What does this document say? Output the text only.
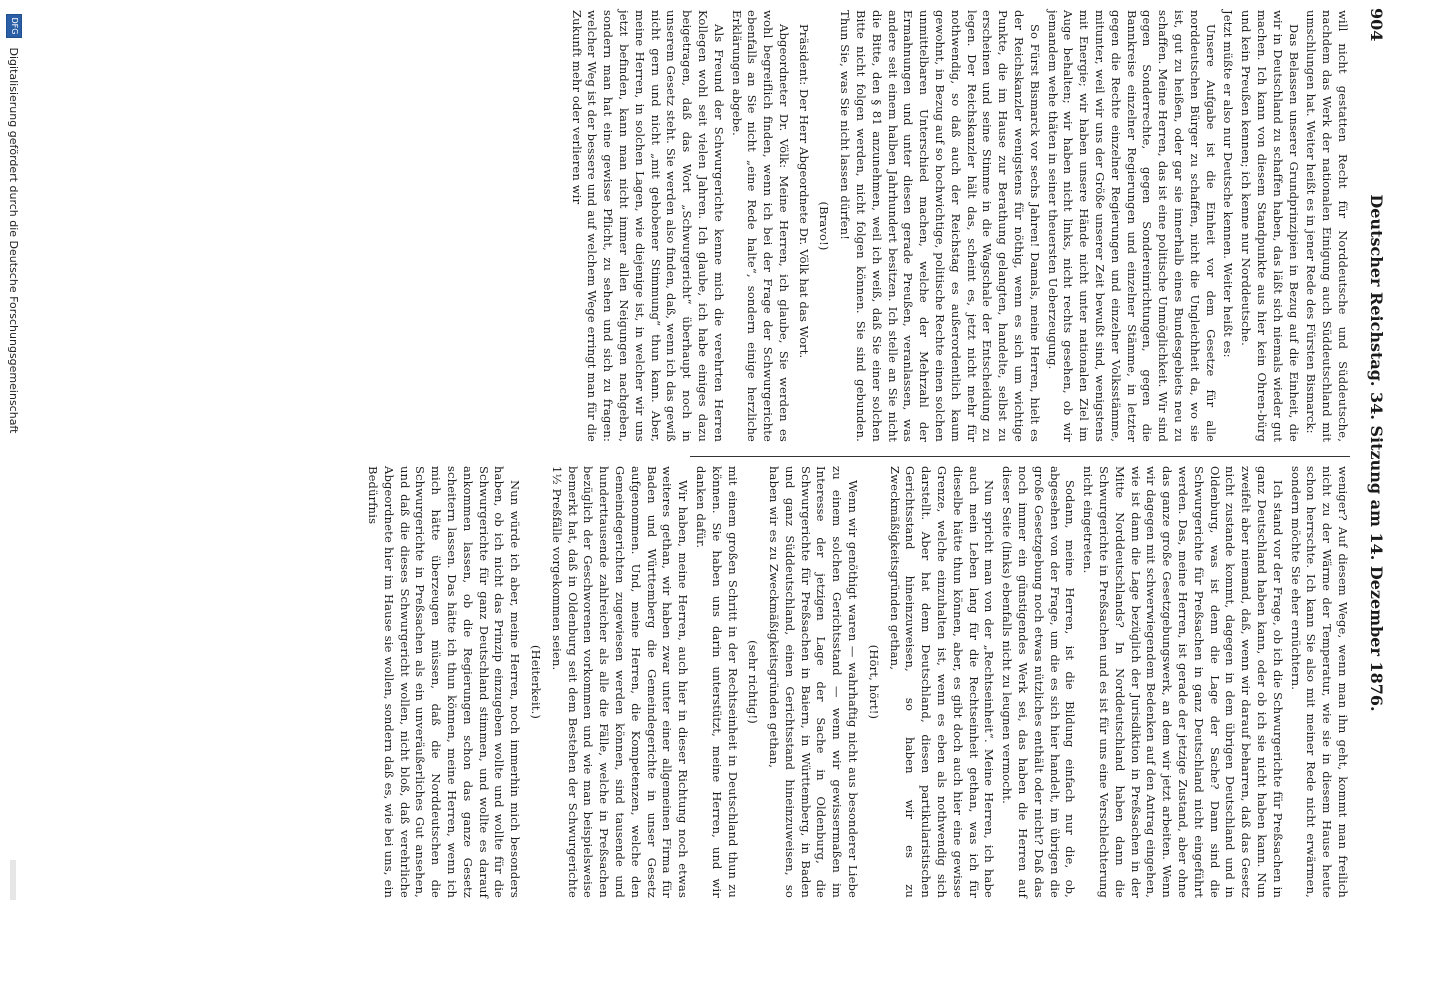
904
Deutscher Reichstag. 34. Sitzung am 14. Dezember 1876.

will nicht gestatten Recht für Norddeutsche und Süddeutsche, nachdem das Werk der nationalen Einigung auch Süddeutschland mit umschlungen hat. Weiter heißt es in jener Rede des Fürsten Bismarck:

Das Belassen unserer Grundprinzipien in Bezug auf die Einheit, die wir in Deutschland zu schaffen haben, das läßt sich niemals wieder gut machen. Ich kann von diesem Standpunkte aus hier kein Ohren-bürg und kein Preußen kennen; ich kenne nur Norddeutsche.

Jetzt müßte er also nur Deutsche kennen. Weiter heißt es:

Unsere Aufgabe ist die Einheit vor dem Gesetze für alle norddeutschen Bürger zu schaffen, nicht die Ungleichheit da, wo sie ist, gut zu heißen, oder gar sie innerhalb eines Bundesgebiets neu zu schaffen. Meine Herren, das ist eine politische Unmöglichkeit. Wir sind gegen Sonderrechte, gegen Sondereinrichtungen, gegen die Bannkreise einzelner Regierungen und einzelner Stämme, in letzter gegen die Rechte einzelner Regierungen und einzelner Volksstämme, mitunter, weil wir uns der Größe unserer Zeit bewußt sind, wenigstens mit Energie; wir haben unsere Hände nicht unter nationalen Ziel im Auge behalten; wir haben nicht links, nicht rechts gesehen, ob wir jemandem wehe thäten in seiner theuersten Ueberzeugung.

So Fürst Bismarck vor sechs Jahren! Damals, meine Herren, hielt es der Reichskanzler wenigstens für nöthig, wenn es sich um wichtige Punkte, die im Hause zur Berathung gelangten, handelte, selbst zu erscheinen und seine Stimme in die Wagschale der Entscheidung zu legen. Der Reichskanzler hält das, scheint es, jetzt nicht mehr für nothwendig, so daß auch der Reichstag es außerordentlich kaum gewohnt, in Bezug auf so hochwichtige, politische Rechte einen solchen unmittelbaren Unterschied machen, welche der Mehrzahl der Ermahnungen und unter diesen gerade Preußen, veranlassen, was andere seit einem halben Jahrhundert besitzen. Ich stelle an Sie nicht die Bitte, den § 81 anzunehmen, weil ich weiß, daß Sie einer solchen Bitte nicht folgen werden, nicht folgen können. Sie sind gebunden. Thun Sie, was Sie nicht lassen dürfen!

(Bravo!)

Präsident: Der Herr Abgeordnete Dr. Völk hat das Wort.

Abgeordneter Dr. Völk: Meine Herren, ich glaube, Sie werden es wohl begreiflich finden, wenn ich bei der Frage der Schwurgerichte ebenfalls an Sie nicht „eine Rede halte“, sondern einige herzliche Erklärungen abgebe.

Als Freund der Schwurgerichte kenne mich die verehrten Herren Kollegen wohl seit vielen Jahren. Ich glaube, ich habe einiges dazu beigetragen, daß das Wort „Schwurgericht“ überhaupt noch in unserem Gesetz steht. Sie werden also finden, daß, wenn ich das gewiß nicht gern und nicht „mit gehobener Stimmung“ thun kann. Aber, meine Herren, in solchen Lagen, wie diejenige ist, in welcher wir uns jetzt befinden, kann man nicht immer allen Neigungen nachgeben, sondern man hat eine gewisse Pflicht, zu sehen und sich zu fragen: welcher Weg ist der bessere und auf welchem Wege erringt man für die Zukunft mehr oder verlieren wir

weniger? Auf diesem Wege, wenn man ihn geht, kommt man freilich nicht zu der Wärme der Temperatur, wie sie in diesem Hause heute schon herrschte. Ich kann Sie also mit meiner Rede nicht erwärmen, sondern möchte Sie eher ernüchtern.

Ich stand vor der Frage, ob ich die Schwurgerichte für Preßsachen in ganz Deutschland haben kann, oder ob ich sie nicht haben kann. Nun zweifelt aber niemand, daß, wenn wir darauf beharren, daß das Gesetz nicht zustande kommt, dagegen in dem übrigen Deutschland und in Oldenburg, was ist denn die Lage der Sache? Dann sind die Schwurgerichte für Preßsachen in ganz Deutschland nicht eingeführt werden. Das, meine Herren, ist gerade der jetzige Zustand, aber ohne das ganze große Gesetzgebungswerk, an dem wir jetzt arbeiten. Wenn wir dagegen mit schwerwiegendem Bedenken auf den Antrag eingehen, wie ist dann die Lage bezüglich der Jurisdiktion in Preßsachen in der Mitte Norddeutschlands? In Norddeutschland haben dann die Schwurgerichte in Preßsachen und es ist für uns eine Verschlechterung nicht eingetreten.

Sodann, meine Herren, ist die Bildung einfach nur die, ob, abgesehen von der Frage, um die es sich hier handelt, im übrigen die große Gesetzgebung noch etwas nützliches enthält oder nicht? Daß das noch immer ein günstigendes Werk sei, das haben die Herren auf dieser Seite (links) ebenfalls nicht zu leugnen vermocht.

Nun spricht man von der „Rechtseinheit“. Meine Herren, ich habe auch mein Leben lang für die Rechtseinheit gethan, was ich für dieselbe hätte thun können, aber, es gibt doch auch hier eine gewisse Grenze, welche einzuhalten ist, wenn es eben als nothwendig sich darstellt. Aber hat denn Deutschland, diesen partikularistischen Gerichtsstand hineinzuweisen, so haben wir es zu Zweckmäßigkeitsgründen gethan,

(Hört, hört!)

Wenn wir genöthigt waren — wahrhaftig nicht aus besonderer Liebe zu einem solchen Gerichtsstand — wenn wir gewissermaßen im Interesse der jetzigen Lage der Sache in Oldenburg, die Schwurgerichte für Preßsachen in Baiern, in Württemberg, in Baden und ganz Süddeutschland, einen Gerichtsstand hineinzuweisen, so haben wir es zu Zweckmäßigkeitsgründen gethan,

(sehr richtig!)

mit einem großen Schritt in der Rechtseinheit in Deutschland thun zu können. Sie haben uns darin unterstützt, meine Herren, und wir danken dafür.

Wir haben, meine Herren, auch hier in dieser Richtung noch etwas weiteres gethan, wir haben zwar unter einer allgemeinen Firma für Baden und Württemberg die Gemeindegerichte in unser Gesetz aufgenommen. Und, meine Herren, die Kompetenzen, welche den Gemeindegerichten zugewiesen werden können, sind tausende und hunderttausende zahlreicher als alle die Fälle, welche in Preßsachen bezüglich der Geschworenen vorkommen und wie man beispielsweise bemerkt hat, daß in Oldenburg seit dem Bestehen der Schwurgerichte 1½ Preßfälle vorgekommen seien.

(Heiterkeit.)

Nun würde ich aber, meine Herren, noch immerhin mich besonders haben, ob ich nicht das Prinzip einzugeben wollte und wollte für die Schwurgerichte für ganz Deutschland stimmen, und wollte es darauf ankommen lassen, ob die Regierungen schon das ganze Gesetz scheitern lassen. Das hätte ich thun können, meine Herren, wenn ich mich hätte überzeugen müssen, daß die Norddeutschen die Schwurgerichte in Preßsachen als ein unveräußerliches Gut ansehen, und daß die dieses Schwurgericht wollen, nicht bloß, daß verehrliche Abgeordnete hier im Hause sie wollen, sondern daß es, wie bei uns, ein Bedürfnis

DFG Digitalisierung gefördert durch die Deutsche Forschungsgemeinschaft
